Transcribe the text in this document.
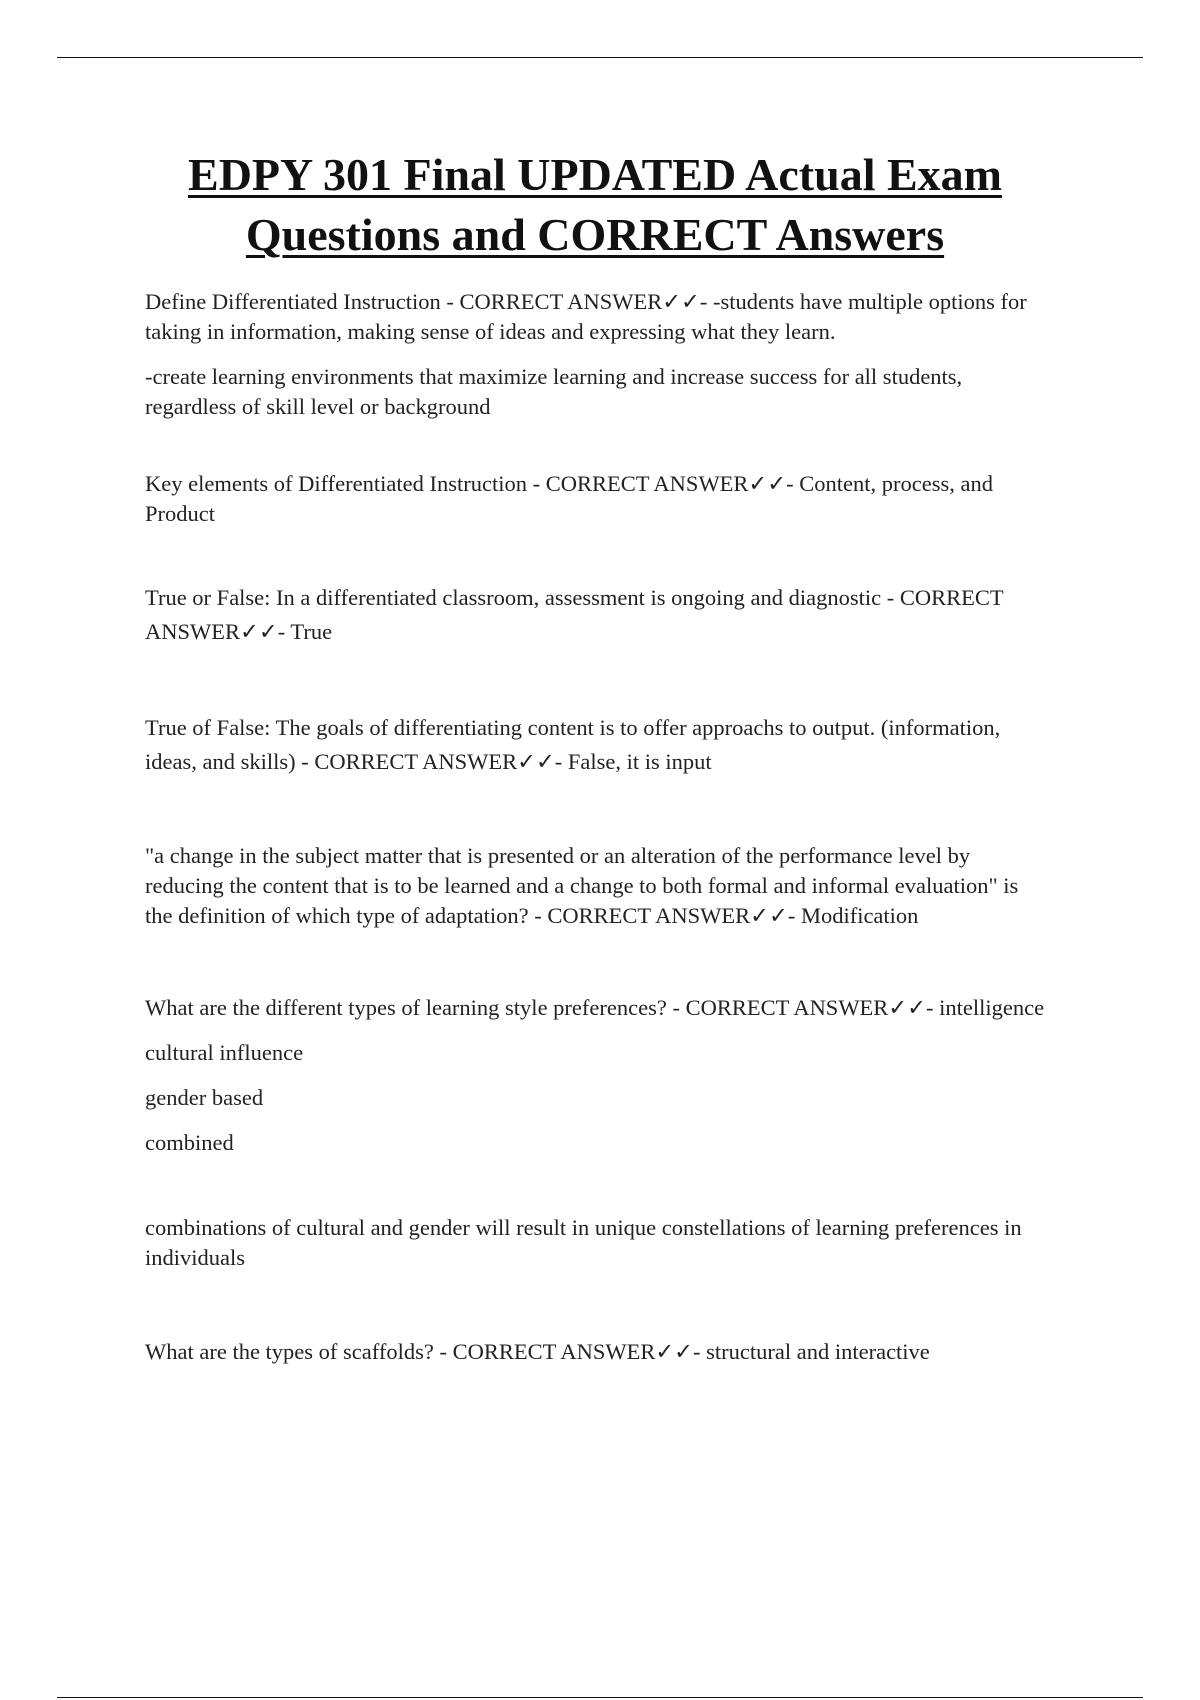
EDPY 301 Final UPDATED Actual Exam
Questions and CORRECT Answers

Define Differentiated Instruction - CORRECT ANSWER✓✓- -students have multiple options for taking in information, making sense of ideas and expressing what they learn.

-create learning environments that maximize learning and increase success for all students, regardless of skill level or background

Key elements of Differentiated Instruction - CORRECT ANSWER✓✓- Content, process, and Product

True or False: In a differentiated classroom, assessment is ongoing and diagnostic - CORRECT ANSWER✓✓- True

True of False: The goals of differentiating content is to offer approachs to output. (information, ideas, and skills) - CORRECT ANSWER✓✓- False, it is input

"a change in the subject matter that is presented or an alteration of the performance level by reducing the content that is to be learned and a change to both formal and informal evaluation" is the definition of which type of adaptation? - CORRECT ANSWER✓✓- Modification

What are the different types of learning style preferences? - CORRECT ANSWER✓✓- intelligence

cultural influence

gender based

combined

combinations of cultural and gender will result in unique constellations of learning preferences in individuals

What are the types of scaffolds? - CORRECT ANSWER✓✓- structural and interactive
